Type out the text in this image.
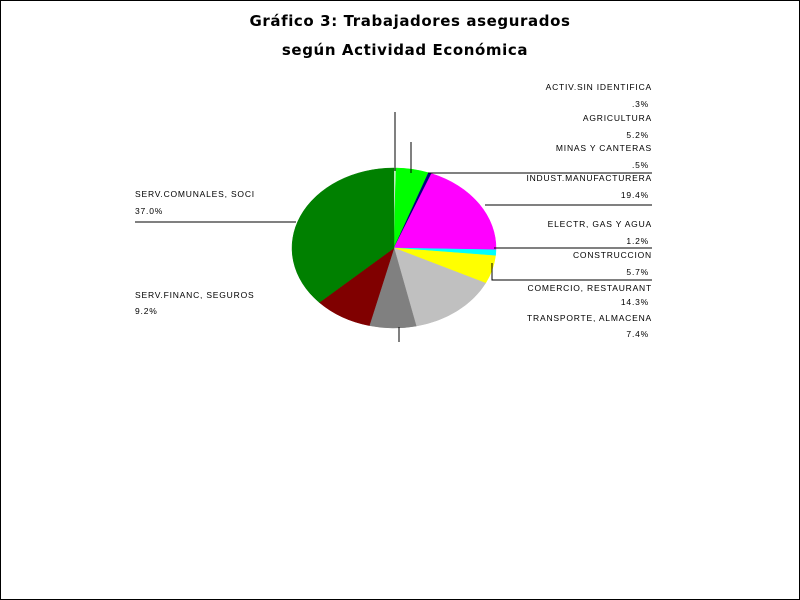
Gráfico 3: Trabajadores asegurados
según Actividad Económica
ACTIV.SIN IDENTIFICA
.3%
AGRICULTURA
5.2%
MINAS Y CANTERAS
.5%
INDUST.MANUFACTURERA
19.4%
ELECTR, GAS Y AGUA
1.2%
CONSTRUCCION
5.7%
COMERCIO, RESTAURANT
14.3%
TRANSPORTE, ALMACENA
7.4%
SERV.FINANC, SEGUROS
9.2%
SERV.COMUNALES, SOCI
37.0%
